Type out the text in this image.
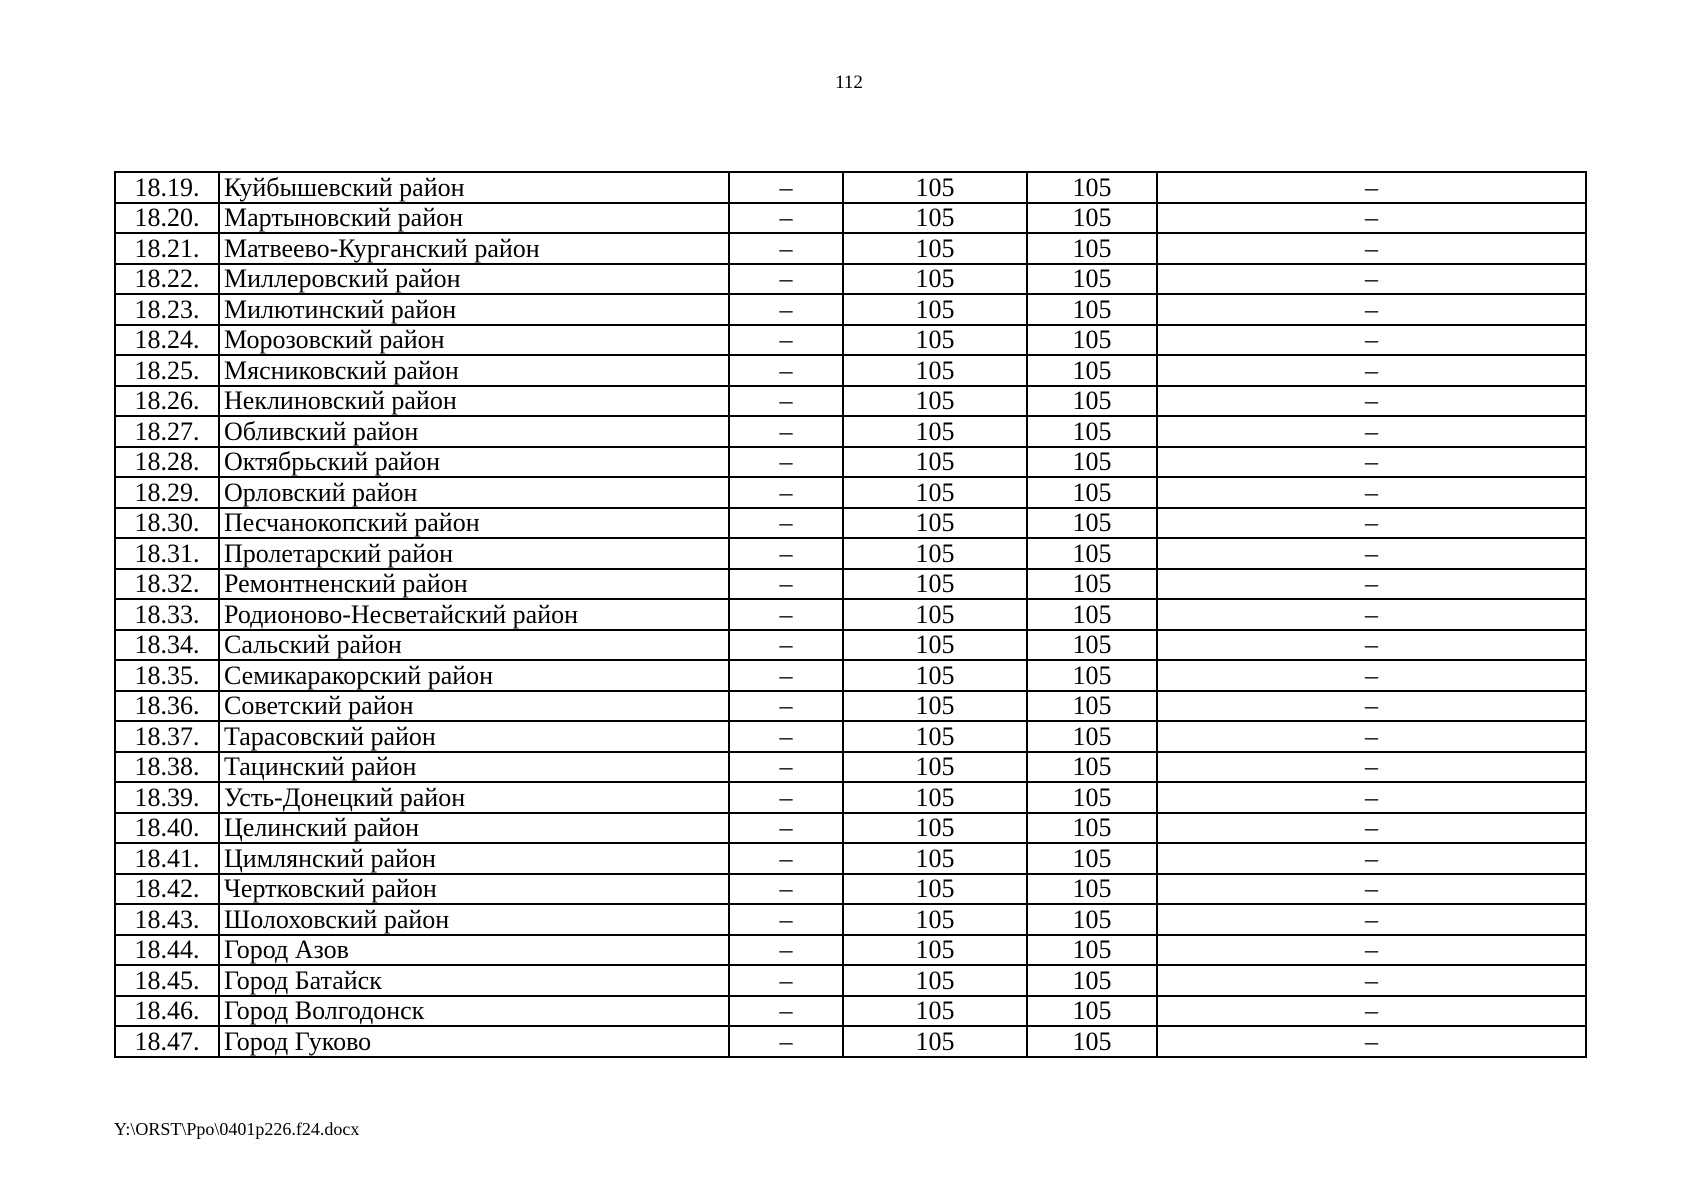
112
18.19.	Куйбышевский район	–	105	105	–
18.20.	Мартыновский район	–	105	105	–
18.21.	Матвеево-Курганский район	–	105	105	–
18.22.	Миллеровский район	–	105	105	–
18.23.	Милютинский район	–	105	105	–
18.24.	Морозовский район	–	105	105	–
18.25.	Мясниковский район	–	105	105	–
18.26.	Неклиновский район	–	105	105	–
18.27.	Обливский район	–	105	105	–
18.28.	Октябрьский район	–	105	105	–
18.29.	Орловский район	–	105	105	–
18.30.	Песчанокопский район	–	105	105	–
18.31.	Пролетарский район	–	105	105	–
18.32.	Ремонтненский район	–	105	105	–
18.33.	Родионово-Несветайский район	–	105	105	–
18.34.	Сальский район	–	105	105	–
18.35.	Семикаракорский район	–	105	105	–
18.36.	Советский район	–	105	105	–
18.37.	Тарасовский район	–	105	105	–
18.38.	Тацинский район	–	105	105	–
18.39.	Усть-Донецкий район	–	105	105	–
18.40.	Целинский район	–	105	105	–
18.41.	Цимлянский район	–	105	105	–
18.42.	Чертковский район	–	105	105	–
18.43.	Шолоховский район	–	105	105	–
18.44.	Город Азов	–	105	105	–
18.45.	Город Батайск	–	105	105	–
18.46.	Город Волгодонск	–	105	105	–
18.47.	Город Гуково	–	105	105	–
Y:\ORST\Ppo\0401p226.f24.docx
